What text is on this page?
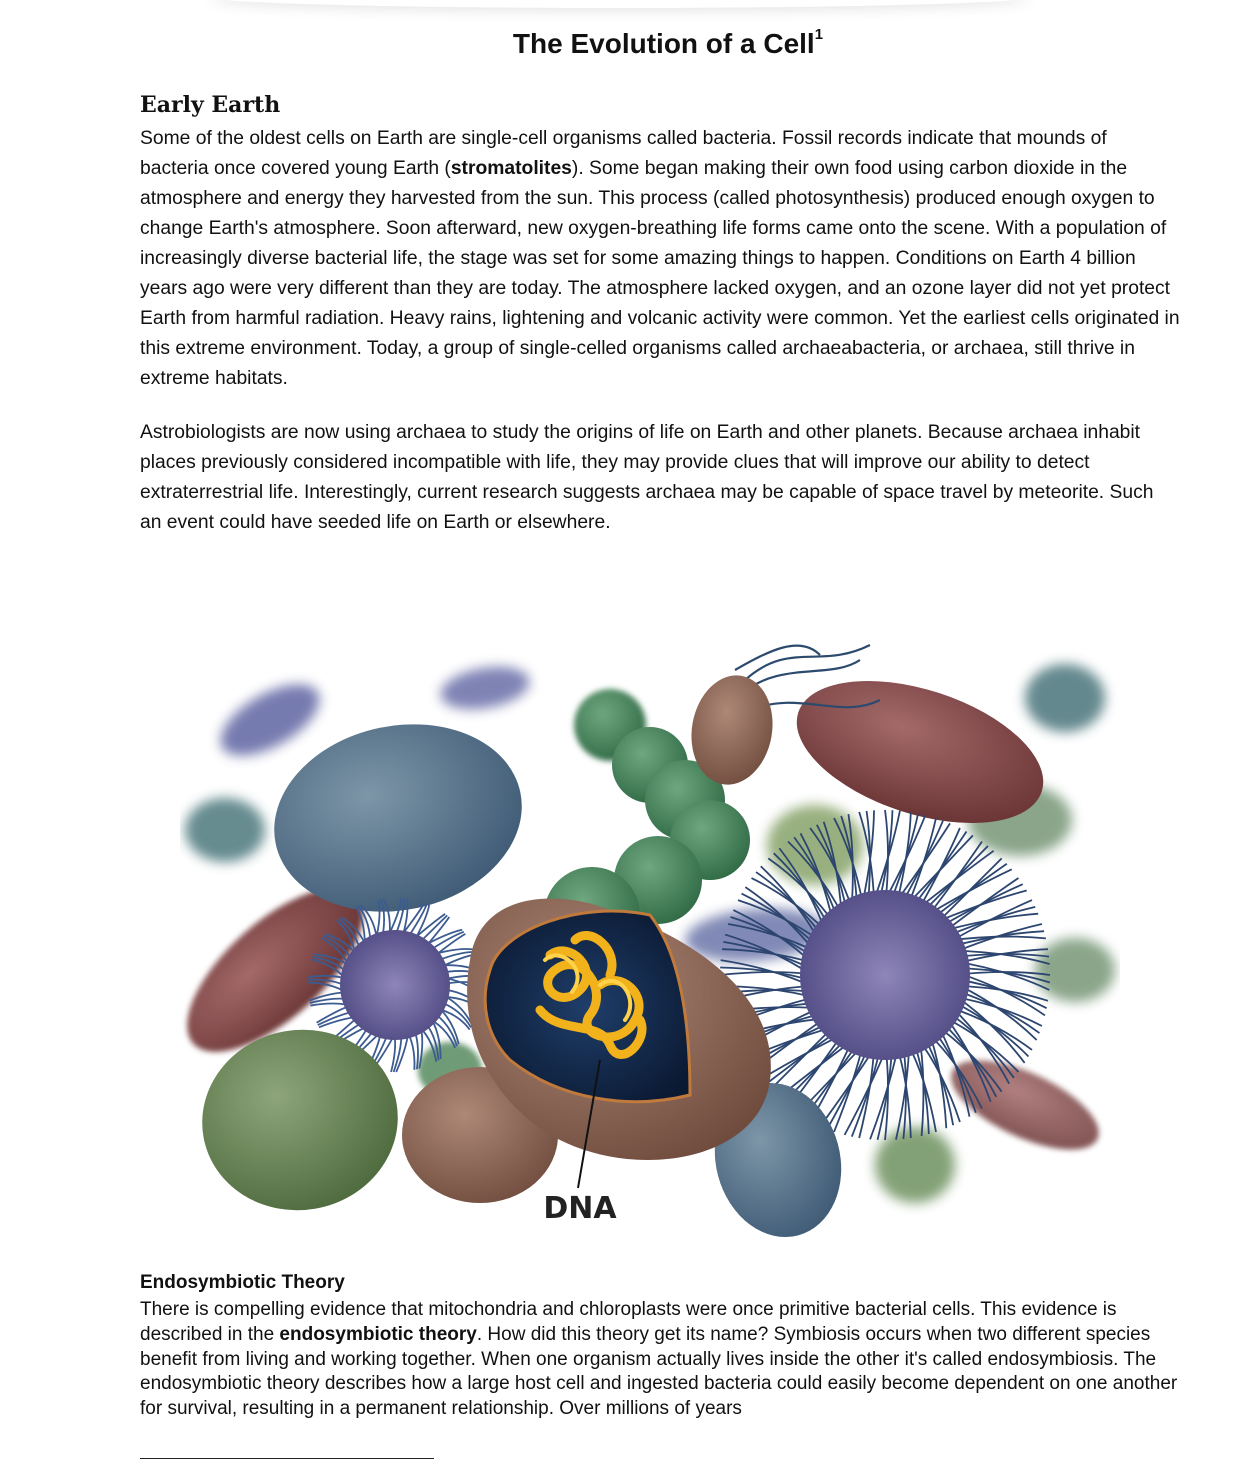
The Evolution of a Cell$^1$
Early Earth

Some of the oldest cells on Earth are single-cell organisms called bacteria. Fossil records indicate that mounds of bacteria once covered young Earth (stromatolites). Some began making their own food using carbon dioxide in the atmosphere and energy they harvested from the sun. This process (called photosynthesis) produced enough oxygen to change Earth's atmosphere. Soon afterward, new oxygen-breathing life forms came onto the scene. With a population of increasingly diverse bacterial life, the stage was set for some amazing things to happen. Conditions on Earth 4 billion years ago were very different than they are today. The atmosphere lacked oxygen, and an ozone layer did not yet protect Earth from harmful radiation. Heavy rains, lightening and volcanic activity were common. Yet the earliest cells originated in this extreme environment. Today, a group of single-celled organisms called archaeabacteria, or archaea, still thrive in extreme habitats.

Astrobiologists are now using archaea to study the origins of life on Earth and other planets. Because archaea inhabit places previously considered incompatible with life, they may provide clues that will improve our ability to detect extraterrestrial life. Interestingly, current research suggests archaea may be capable of space travel by meteorite. Such an event could have seeded life on Earth or elsewhere.

DNA
Endosymbiotic Theory

There is compelling evidence that mitochondria and chloroplasts were once primitive bacterial cells. This evidence is described in the endosymbiotic theory. How did this theory get its name? Symbiosis occurs when two different species benefit from living and working together. When one organism actually lives inside the other it's called endosymbiosis. The endosymbiotic theory describes how a large host cell and ingested bacteria could easily become dependent on one another for survival, resulting in a permanent relationship. Over millions of years
